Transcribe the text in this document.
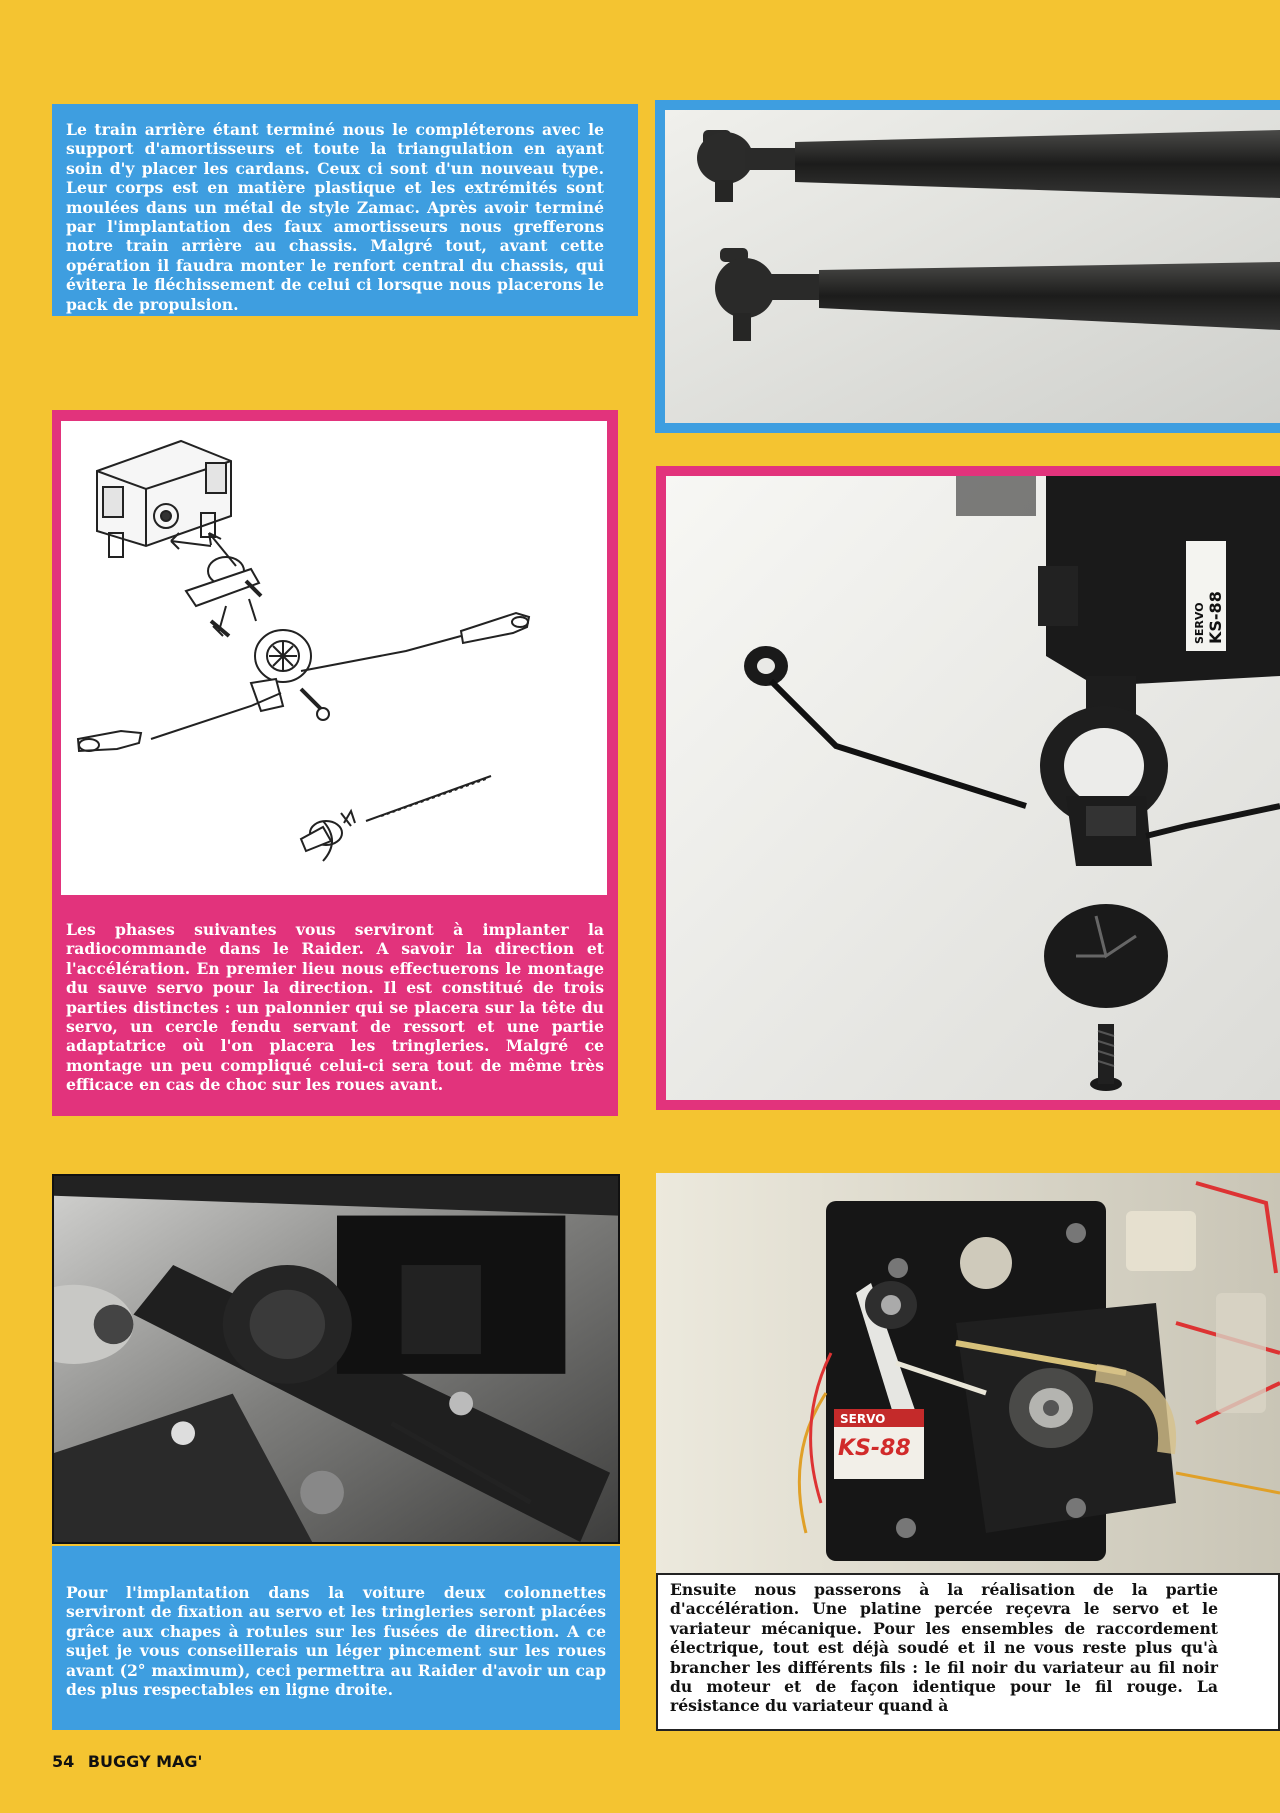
Le train arrière étant terminé nous le compléterons avec le support d'amortisseurs et toute la triangulation en ayant soin d'y placer les cardans. Ceux ci sont d'un nouveau type. Leur corps est en matière plastique et les extrémités sont moulées dans un métal de style Zamac. Après avoir terminé par l'implantation des faux amortisseurs nous grefferons notre train arrière au chassis. Malgré tout, avant cette opération il faudra monter le renfort central du chassis, qui évitera le fléchissement de celui ci lorsque nous placerons le pack de propulsion.
Les phases suivantes vous serviront à implanter la radiocommande dans le Raider. A savoir la direction et l'accélération. En premier lieu nous effectuerons le montage du sauve servo pour la direction. Il est constitué de trois parties distinctes : un palonnier qui se placera sur la tête du servo, un cercle fendu servant de ressort et une partie adaptatrice où l'on placera les tringleries. Malgré ce montage un peu compliqué celui-ci sera tout de même très efficace en cas de choc sur les roues avant.
SERVO KS-88
Pour l'implantation dans la voiture deux colonnettes serviront de fixation au servo et les tringleries seront placées grâce aux chapes à rotules sur les fusées de direction. A ce sujet je vous conseillerais un léger pincement sur les roues avant (2° maximum), ceci permettra au Raider d'avoir un cap des plus respectables en ligne droite.
SERVO
KS-88
Ensuite nous passerons à la réalisation de la partie d'accélération. Une platine percée reçevra le servo et le variateur mécanique. Pour les ensembles de raccordement électrique, tout est déjà soudé et il ne vous reste plus qu'à brancher les différents fils : le fil noir du variateur au fil noir du moteur et de façon identique pour le fil rouge. La résistance du variateur quand à
54 BUGGY MAG'
